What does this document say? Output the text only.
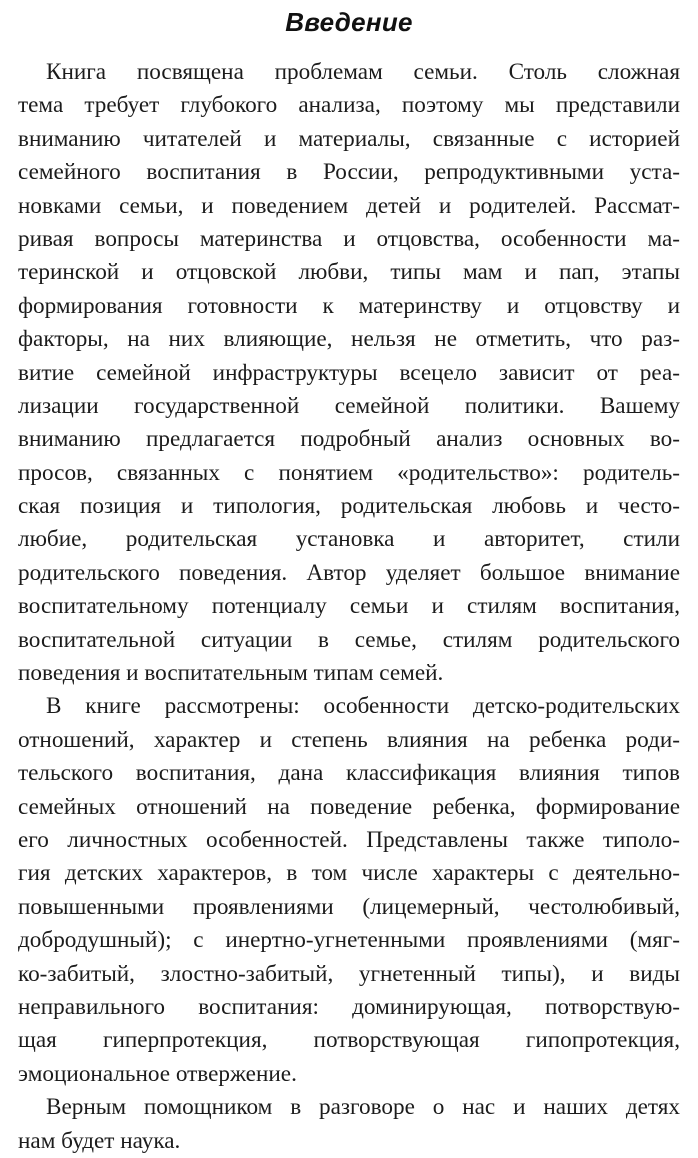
Введение
Книга посвящена проблемам семьи. Столь сложная
тема требует глубокого анализа, поэтому мы представили
вниманию читателей и материалы, связанные с историей
семейного воспитания в России, репродуктивными уста-
новками семьи, и поведением детей и родителей. Рассмат-
ривая вопросы материнства и отцовства, особенности ма-
теринской и отцовской любви, типы мам и пап, этапы
формирования готовности к материнству и отцовству и
факторы, на них влияющие, нельзя не отметить, что раз-
витие семейной инфраструктуры всецело зависит от реа-
лизации государственной семейной политики. Вашему
вниманию предлагается подробный анализ основных во-
просов, связанных с понятием «родительство»: родитель-
ская позиция и типология, родительская любовь и често-
любие, родительская установка и авторитет, стили
родительского поведения. Автор уделяет большое внимание
воспитательному потенциалу семьи и стилям воспитания,
воспитательной ситуации в семье, стилям родительского
поведения и воспитательным типам семей.
В книге рассмотрены: особенности детско-родительских
отношений, характер и степень влияния на ребенка роди-
тельского воспитания, дана классификация влияния типов
семейных отношений на поведение ребенка, формирование
его личностных особенностей. Представлены также типоло-
гия детских характеров, в том числе характеры с деятельно-
повышенными проявлениями (лицемерный, честолюбивый,
добродушный); с инертно-угнетенными проявлениями (мяг-
ко-забитый, злостно-забитый, угнетенный типы), и виды
неправильного воспитания: доминирующая, потворствую-
щая гиперпротекция, потворствующая гипопротекция,
эмоциональное отвержение.
Верным помощником в разговоре о нас и наших детях
нам будет наука.
